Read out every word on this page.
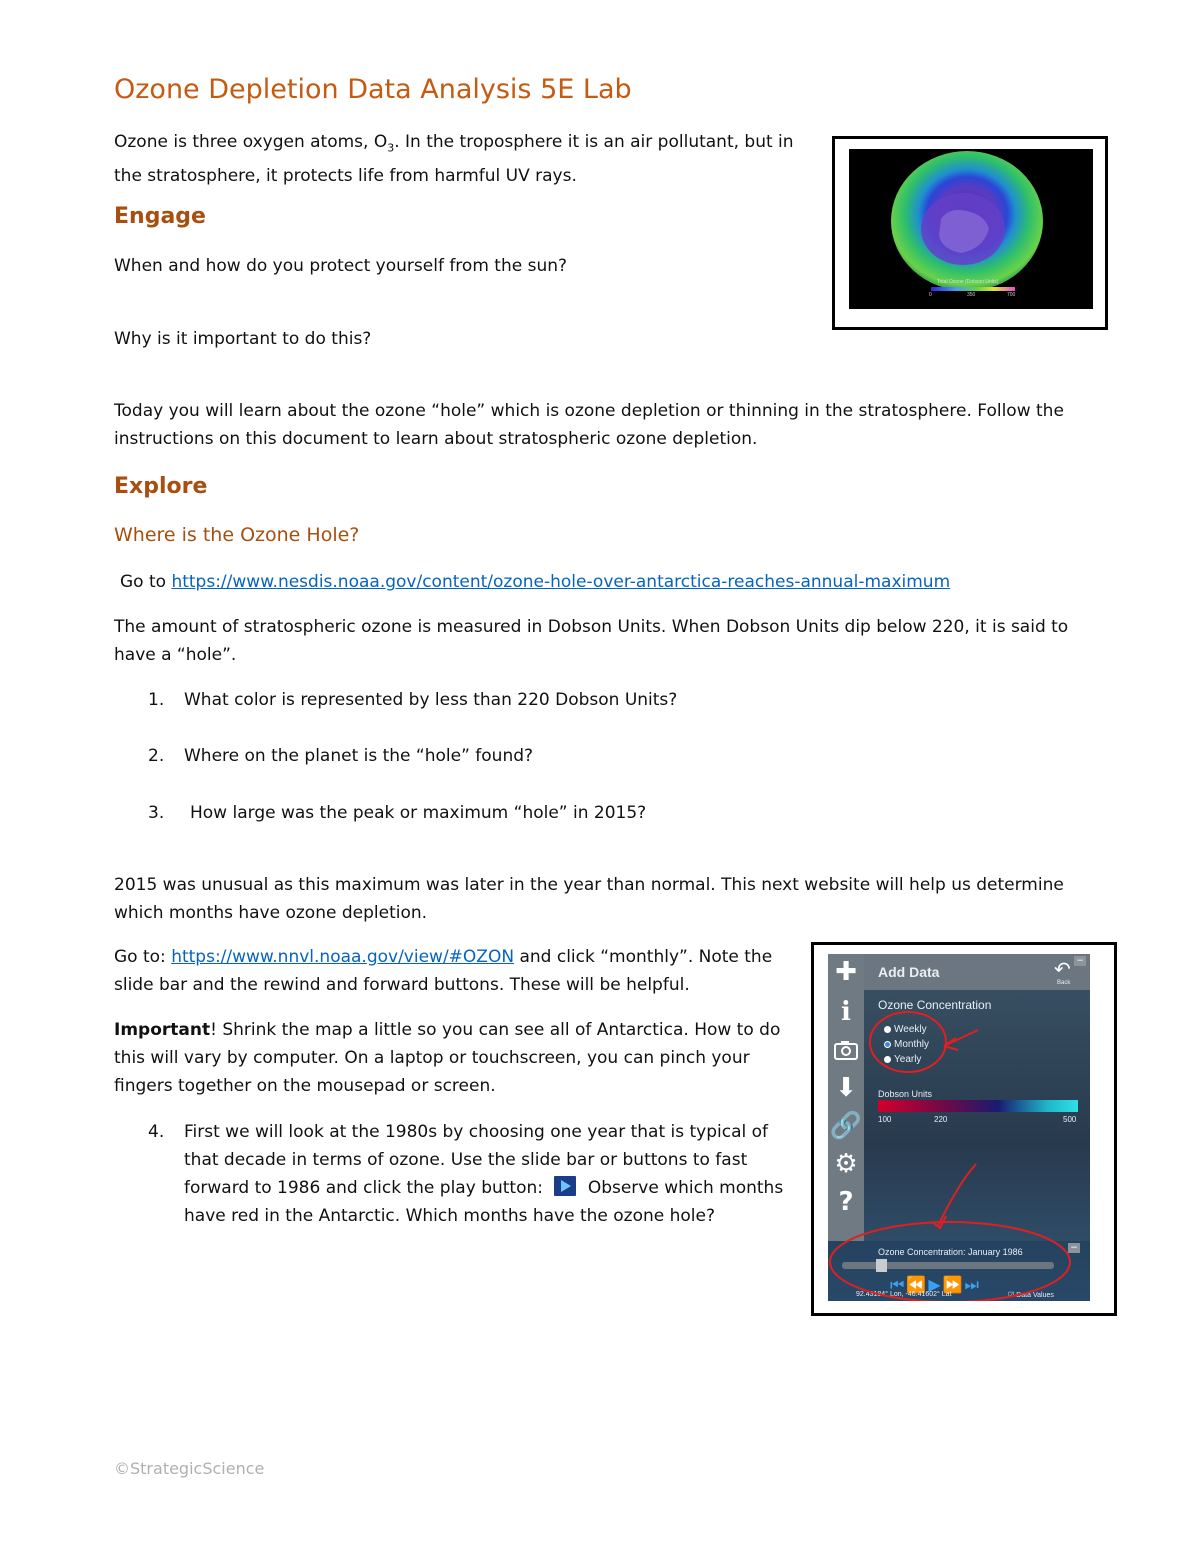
Ozone Depletion Data Analysis 5E Lab
Ozone is three oxygen atoms, $O_3$. In the troposphere it is an air pollutant, but in the stratosphere, it protects life from harmful UV rays.
Total Ozone (Dobson Units)
0	350	700
Engage
When and how do you protect yourself from the sun?
Why is it important to do this?
Today you will learn about the ozone “hole” which is ozone depletion or thinning in the stratosphere. Follow the instructions on this document to learn about stratospheric ozone depletion.
Explore
Where is the Ozone Hole?
Go to https://www.nesdis.noaa.gov/content/ozone-hole-over-antarctica-reaches-annual-maximum
The amount of stratospheric ozone is measured in Dobson Units. When Dobson Units dip below 220, it is said to have a “hole”.
1. What color is represented by less than 220 Dobson Units?
2. Where on the planet is the “hole” found?
3. How large was the peak or maximum “hole” in 2015?
2015 was unusual as this maximum was later in the year than normal. This next website will help us determine which months have ozone depletion.
Go to: https://www.nnvl.noaa.gov/view/#OZON and click “monthly”. Note the slide bar and the rewind and forward buttons. These will be helpful.
Important! Shrink the map a little so you can see all of Antarctica. How to do this will vary by computer. On a laptop or touchscreen, you can pinch your fingers together on the mousepad or screen.
4. First we will look at the 1980s by choosing one year that is typical of that decade in terms of ozone. Use the slide bar or buttons to fast forward to 1986 and click the play button:	Observe which months have red in the Antarctic. Which months have the ozone hole?
✚
i
⬇
🔗
⚙
?
Add Data	↶
Back
−
Ozone Concentration
Weekly
Monthly
Yearly
Dobson Units
100	220	500
Ozone Concentration: January 1986	−
⏮⏪▶⏩⏭
92.43184° Lon, -46.41602° Lat	☑ Data Values
©StrategicScience
